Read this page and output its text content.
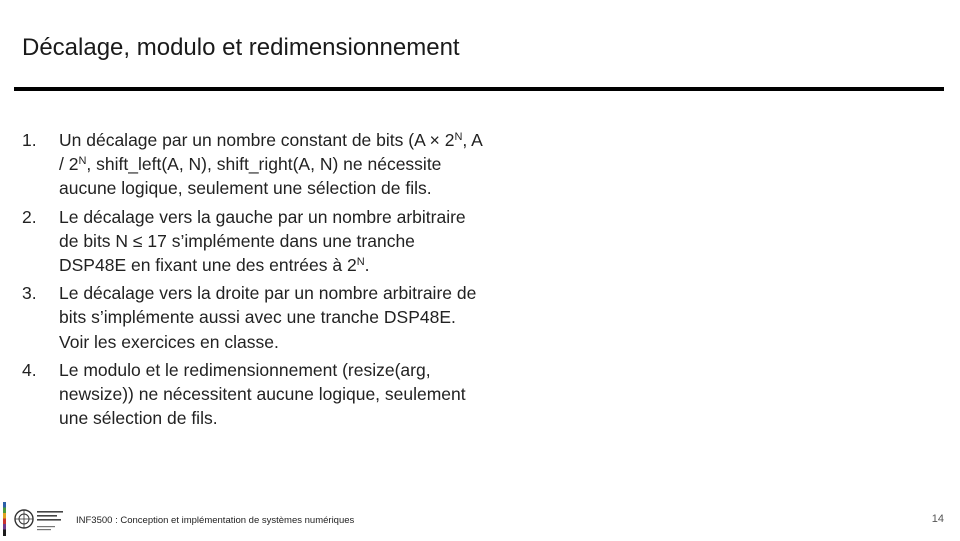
Décalage, modulo et redimensionnement
1. Un décalage par un nombre constant de bits ($A \times 2^N$, A / $2^N$, shift_left(A, N), shift_right(A, N) ne nécessite aucune logique, seulement une sélection de fils.
2. Le décalage vers la gauche par un nombre arbitraire de bits N ≤ 17 s’implémente dans une tranche DSP48E en fixant une des entrées à $2^N$.
3. Le décalage vers la droite par un nombre arbitraire de bits s’implémente aussi avec une tranche DSP48E. Voir les exercices en classe.
4. Le modulo et le redimensionnement (resize(arg, newsize)) ne nécessitent aucune logique, seulement une sélection de fils.
INF3500 : Conception et implémentation de systèmes numériques	14
